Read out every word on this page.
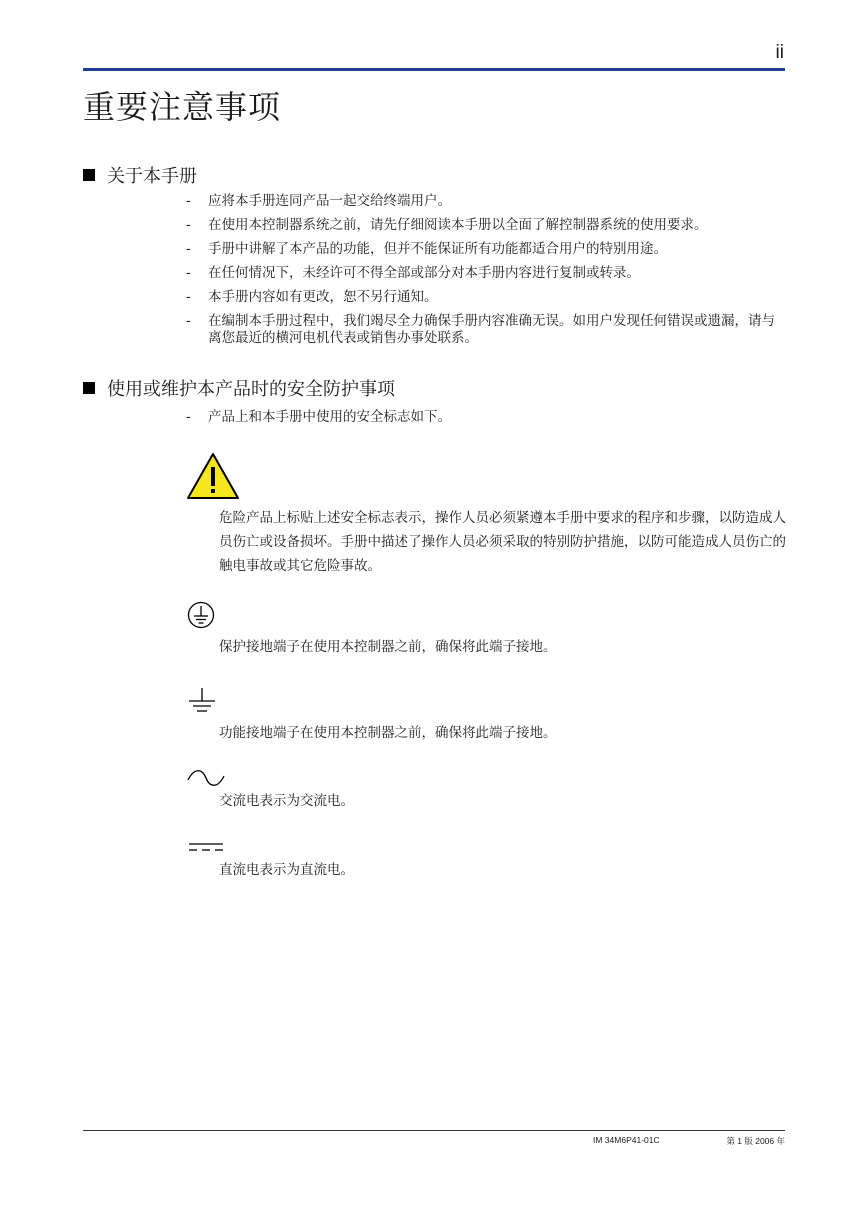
ii
重要注意事项
关于本手册
- 应将本手册连同产品一起交给终端用户。
- 在使用本控制器系统之前，请先仔细阅读本手册以全面了解控制器系统的使用要求。
- 手册中讲解了本产品的功能，但并不能保证所有功能都适合用户的特别用途。
- 在任何情况下，未经许可不得全部或部分对本手册内容进行复制或转录。
- 本手册内容如有更改，恕不另行通知。
- 在编制本手册过程中，我们竭尽全力确保手册内容准确无误。如用户发现任何错误或遗漏，请与离您最近的横河电机代表或销售办事处联系。
使用或维护本产品时的安全防护事项
- 产品上和本手册中使用的安全标志如下。

危险产品上标贴上述安全标志表示，操作人员必须紧遵本手册中要求的程序和步骤，以防造成人员伤亡或设备损坏。手册中描述了操作人员必须采取的特别防护措施，以防可能造成人员伤亡的触电事故或其它危险事故。

保护接地端子在使用本控制器之前，确保将此端子接地。

功能接地端子在使用本控制器之前，确保将此端子接地。

交流电表示为交流电。

直流电表示为直流电。

IM 34M6P41-01C	第 1 版 2006 年
